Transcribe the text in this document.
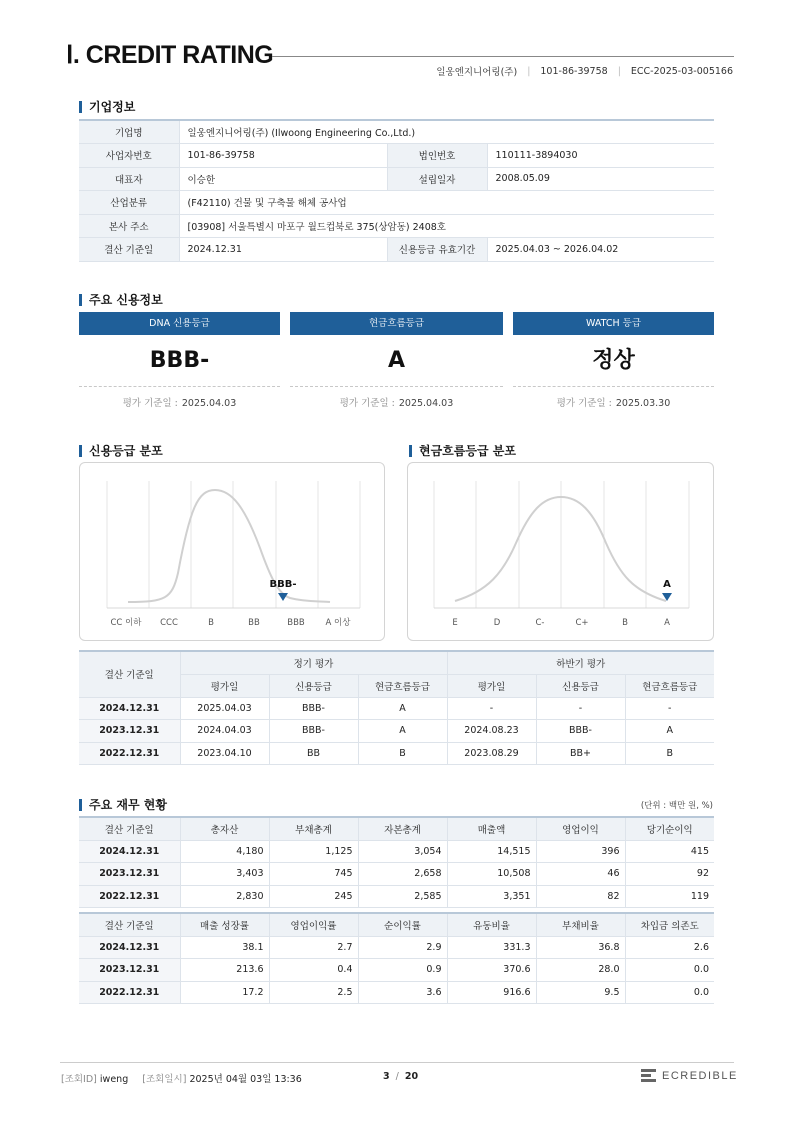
Ⅰ. CREDIT RATING
일웅엔지니어링(주) | 101-86-39758 | ECC-2025-03-005166
기업정보
기업명	일웅엔지니어링(주) (Ilwoong Engineering Co.,Ltd.)		
사업자번호	101-86-39758	법인번호	110111-3894030
대표자	이승한	설립일자	2008.05.09
산업분류	(F42110) 건물 및 구축물 해체 공사업		
본사 주소	[03908] 서울특별시 마포구 월드컵북로 375(상암동) 2408호		
결산 기준일	2024.12.31	신용등급 유효기간	2025.04.03 ~ 2026.04.02
주요 신용정보
DNA 신용등급
BBB-
평가 기준일 : 2025.04.03
현금흐름등급
A
평가 기준일 : 2025.04.03
WATCH 등급
정상
평가 기준일 : 2025.03.30
신용등급 분포	현금흐름등급 분포
BBB-
CC 이하 CCC	B	BB	BBB A 이상
A
E	D	C-	C+	B	A
결산 기준일	정기 평가			하반기 평가		
	평가일	신용등급	현금흐름등급	평가일	신용등급	현금흐름등급
2024.12.31	2025.04.03	BBB-	A	-	-	-
2023.12.31	2024.04.03	BBB-	A	2024.08.23	BBB-	A
2022.12.31	2023.04.10	BB	B	2023.08.29	BB+	B
주요 재무 현황	(단위 : 백만 원, %)
결산 기준일	총자산	부채총계	자본총계	매출액	영업이익	당기순이익
2024.12.31	4,180	1,125	3,054	14,515	396	415
2023.12.31	3,403	745	2,658	10,508	46	92
2022.12.31	2,830	245	2,585	3,351	82	119
결산 기준일	매출 성장률	영업이익률	순이익률	유동비율	부채비율	차입금 의존도
2024.12.31	38.1	2.7	2.9	331.3	36.8	2.6
2023.12.31	213.6	0.4	0.9	370.6	28.0	0.0
2022.12.31	17.2	2.5	3.6	916.6	9.5	0.0
[조회ID] iweng [조회일시] 2025년 04월 03일 13:36	3 / 20	ECREDIBLE
